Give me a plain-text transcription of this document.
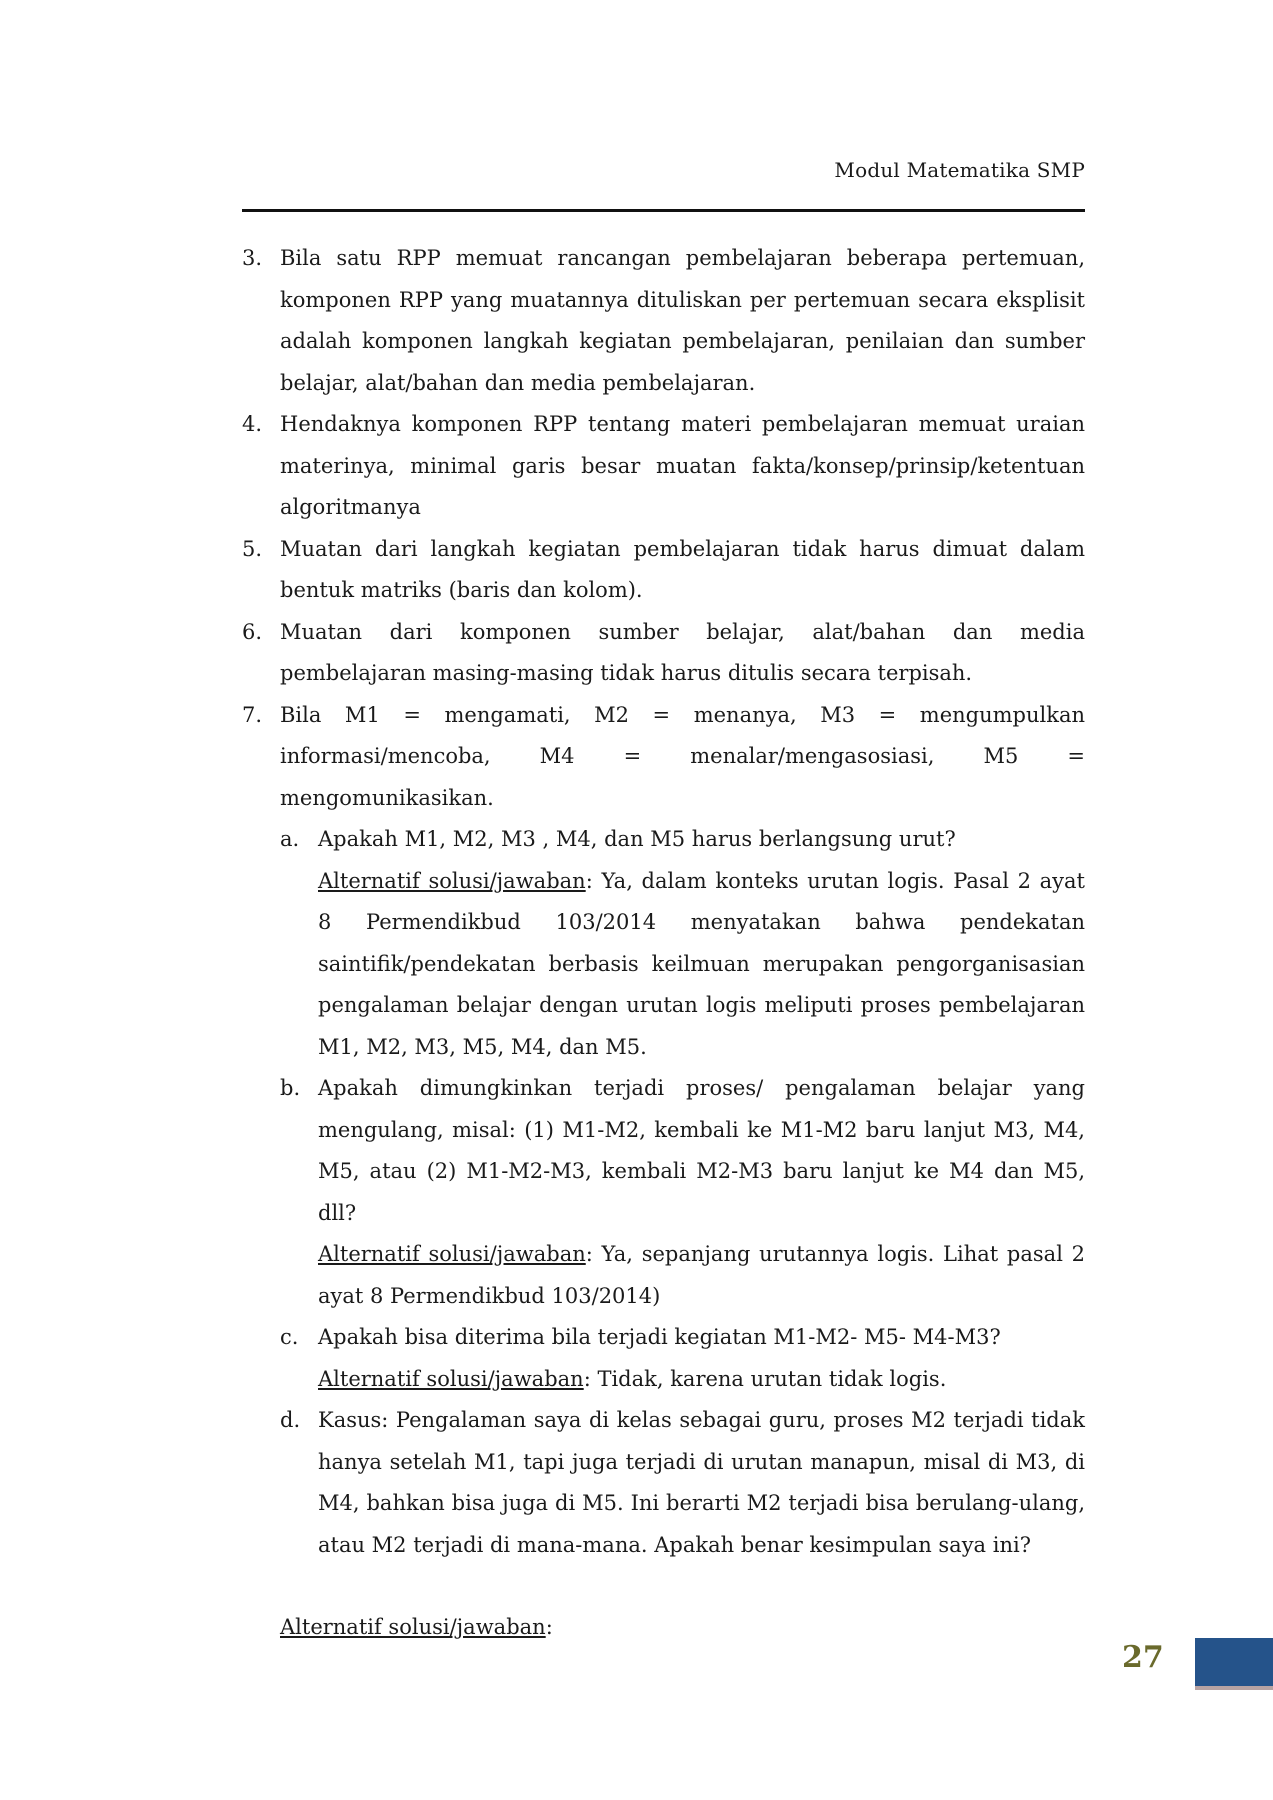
Modul Matematika SMP
3. Bila satu RPP memuat rancangan pembelajaran beberapa pertemuan, komponen RPP yang muatannya dituliskan per pertemuan secara eksplisit adalah komponen langkah kegiatan pembelajaran, penilaian dan sumber belajar, alat/bahan dan media pembelajaran.
4. Hendaknya komponen RPP tentang materi pembelajaran memuat uraian materinya, minimal garis besar muatan fakta/konsep/prinsip/ketentuan algoritmanya
5. Muatan dari langkah kegiatan pembelajaran tidak harus dimuat dalam bentuk matriks (baris dan kolom).
6. Muatan dari komponen sumber belajar, alat/bahan dan media pembelajaran masing-masing tidak harus ditulis secara terpisah.
7. Bila M1 = mengamati, M2 = menanya, M3 = mengumpulkan informasi/mencoba, M4 = menalar/mengasosiasi, M5 = mengomunikasikan.
a. Apakah M1, M2, M3 , M4, dan M5 harus berlangsung urut?
Alternatif solusi/jawaban: Ya, dalam konteks urutan logis. Pasal 2 ayat 8 Permendikbud 103/2014 menyatakan bahwa pendekatan saintifik/pendekatan berbasis keilmuan merupakan pengorganisasian pengalaman belajar dengan urutan logis meliputi proses pembelajaran M1, M2, M3, M5, M4, dan M5.
b. Apakah dimungkinkan terjadi proses/ pengalaman belajar yang mengulang, misal: (1) M1-M2, kembali ke M1-M2 baru lanjut M3, M4, M5, atau (2) M1-M2-M3, kembali M2-M3 baru lanjut ke M4 dan M5, dll?
Alternatif solusi/jawaban: Ya, sepanjang urutannya logis. Lihat pasal 2 ayat 8 Permendikbud 103/2014)
c. Apakah bisa diterima bila terjadi kegiatan M1-M2- M5- M4-M3?
Alternatif solusi/jawaban: Tidak, karena urutan tidak logis.
d. Kasus: Pengalaman saya di kelas sebagai guru, proses M2 terjadi tidak hanya setelah M1, tapi juga terjadi di urutan manapun, misal di M3, di M4, bahkan bisa juga di M5. Ini berarti M2 terjadi bisa berulang-ulang, atau M2 terjadi di mana-mana. Apakah benar kesimpulan saya ini?
Alternatif solusi/jawaban:
27
